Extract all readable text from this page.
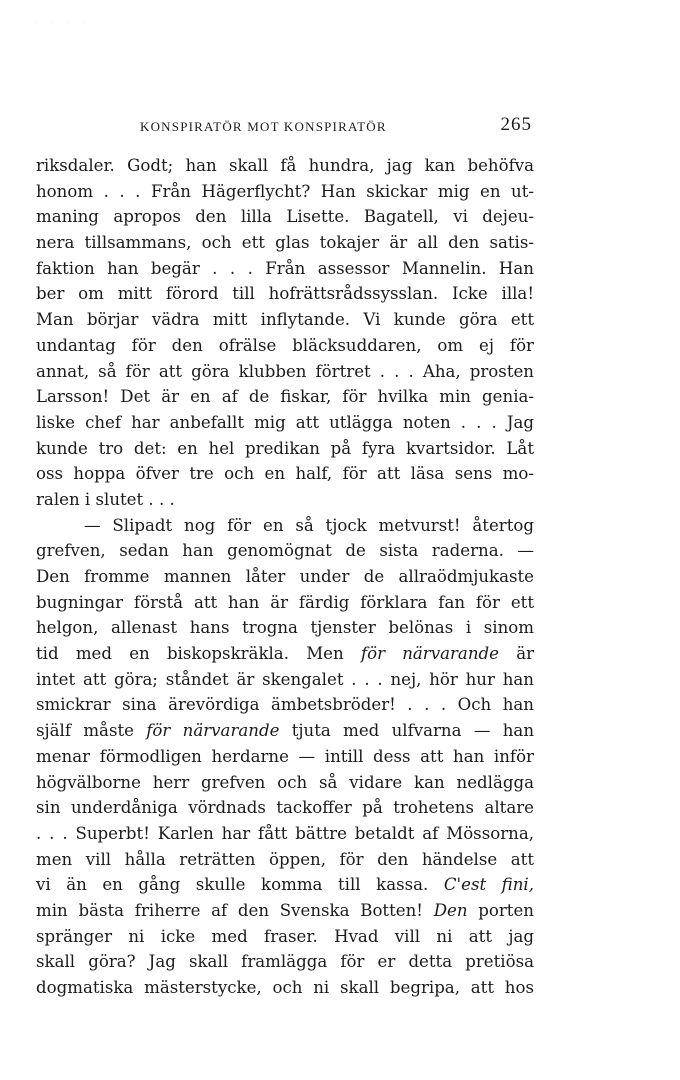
· · · ·
KONSPIRATÖR MOT KONSPIRATÖR	265
riksdaler. Godt; han skall få hundra, jag kan behöfva
honom . . . Från Hägerflycht? Han skickar mig en ut-
maning apropos den lilla Lisette. Bagatell, vi dejeu-
nera tillsammans, och ett glas tokajer är all den satis-
faktion han begär . . . Från assessor Mannelin. Han
ber om mitt förord till hofrättsrådssysslan. Icke illa!
Man börjar vädra mitt inflytande. Vi kunde göra ett
undantag för den ofrälse bläcksuddaren, om ej för
annat, så för att göra klubben förtret . . . Aha, prosten
Larsson! Det är en af de fiskar, för hvilka min genia-
liske chef har anbefallt mig att utlägga noten . . . Jag
kunde tro det: en hel predikan på fyra kvartsidor. Låt
oss hoppa öfver tre och en half, för att läsa sens mo-
ralen i slutet . . .
— Slipadt nog för en så tjock metvurst! återtog
grefven, sedan han genomögnat de sista raderna. —
Den fromme mannen låter under de allraödmjukaste
bugningar förstå att han är färdig förklara fan för ett
helgon, allenast hans trogna tjenster belönas i sinom
tid med en biskopskräkla. Men för närvarande är
intet att göra; ståndet är skengalet . . . nej, hör hur han
smickrar sina ärevördiga ämbetsbröder! . . . Och han
själf måste för närvarande tjuta med ulfvarna — han
menar förmodligen herdarne — intill dess att han inför
högvälborne herr grefven och så vidare kan nedlägga
sin underdåniga vördnads tackoffer på trohetens altare
. . . Superbt! Karlen har fått bättre betaldt af Mössorna,
men vill hålla reträtten öppen, för den händelse att
vi än en gång skulle komma till kassa. C'est fini,
min bästa friherre af den Svenska Botten! Den porten
spränger ni icke med fraser. Hvad vill ni att jag
skall göra? Jag skall framlägga för er detta pretiösa
dogmatiska mästerstycke, och ni skall begripa, att hos
